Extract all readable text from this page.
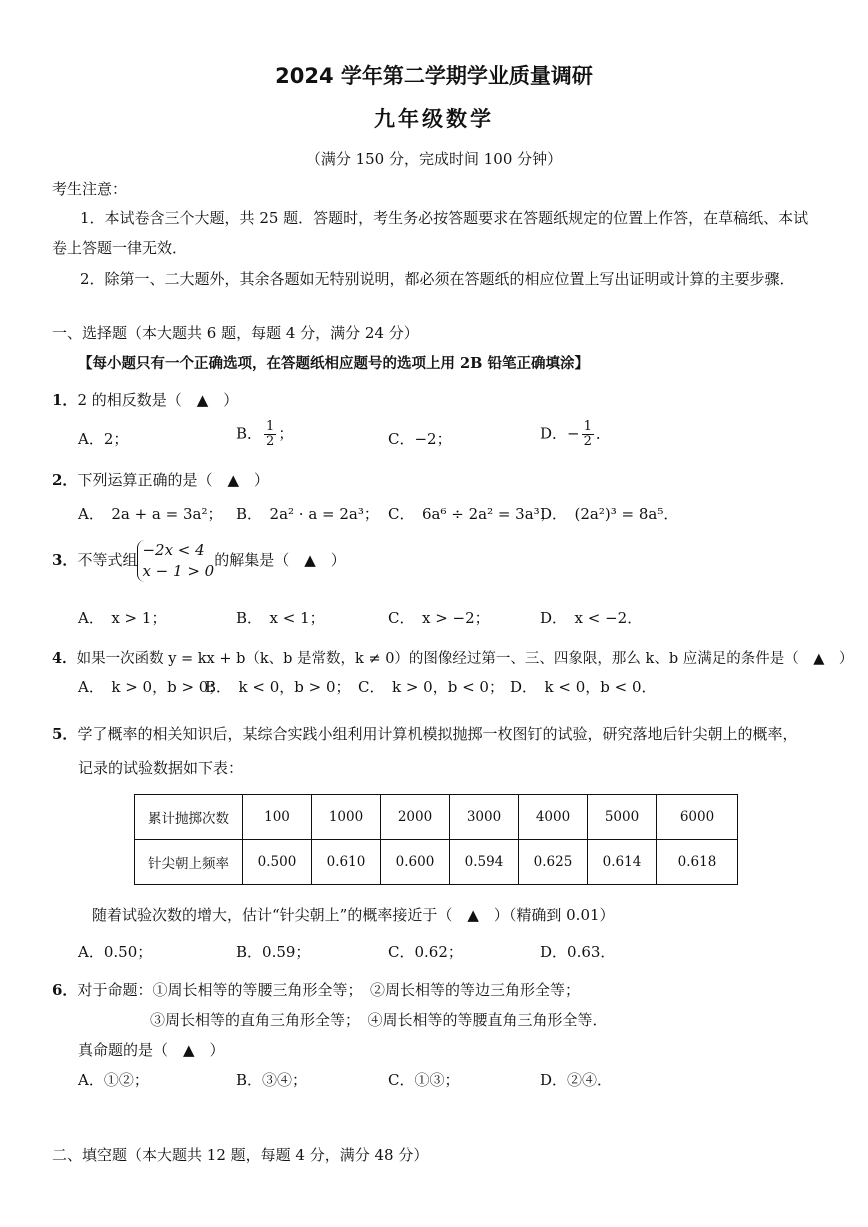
2024 学年第二学期学业质量调研
九年级数学
（满分 150 分，完成时间 100 分钟）
考生注意：
1．本试卷含三个大题，共 25 题．答题时，考生务必按答题要求在答题纸规定的位置上作答，在草稿纸、本试
卷上答题一律无效．
2．除第一、二大题外，其余各题如无特别说明，都必须在答题纸的相应位置上写出证明或计算的主要步骤．
一、选择题（本大题共 6 题，每题 4 分，满分 24 分）
【每小题只有一个正确选项，在答题纸相应题号的选项上用 2B 铅笔正确填涂】
1．2 的相反数是（　▲　）
A．2；	B． $\frac{1}{2}$ ；	C．−2；	D．− $\frac{1}{2}$ ．
2．下列运算正确的是（　▲　）
A．　2a + a = 3a²； B．　2a² · a = 2a³； C．　6a⁶ ÷ 2a² = 3a³；
D．　(2a²)³ = 8a⁵．
3．不等式组
−2x < 4
x − 1 > 0
的解集是（　▲　）
A．　x > 1；	B．　x < 1；	C．　x > −2；	D．　x < −2．
4．如果一次函数 y = kx + b（k、b 是常数，k ≠ 0）的图像经过第一、三、四象限，那么 k、b 应满足的条件是（　▲　）
A．　k > 0，b > 0；
B．　k < 0，b > 0； C．　k > 0，b < 0； D．　k < 0，b < 0．
5．学了概率的相关知识后，某综合实践小组利用计算机模拟抛掷一枚图钉的试验，研究落地后针尖朝上的概率，
记录的试验数据如下表：
累计抛掷次数	100	1000	2000	3000	4000	5000	6000
针尖朝上频率	0.500	0.610	0.600	0.594	0.625	0.614	0.618
随着试验次数的增大，估计“针尖朝上”的概率接近于（　▲　）（精确到 0.01）
A．0.50；	B．0.59；	C．0.62；	D．0.63．
6．对于命题：①周长相等的等腰三角形全等；　②周长相等的等边三角形全等；
③周长相等的直角三角形全等；　④周长相等的等腰直角三角形全等．
真命题的是（　▲　）
A．①②；	B．③④；	C．①③；	D．②④．
二、填空题（本大题共 12 题，每题 4 分，满分 48 分）
